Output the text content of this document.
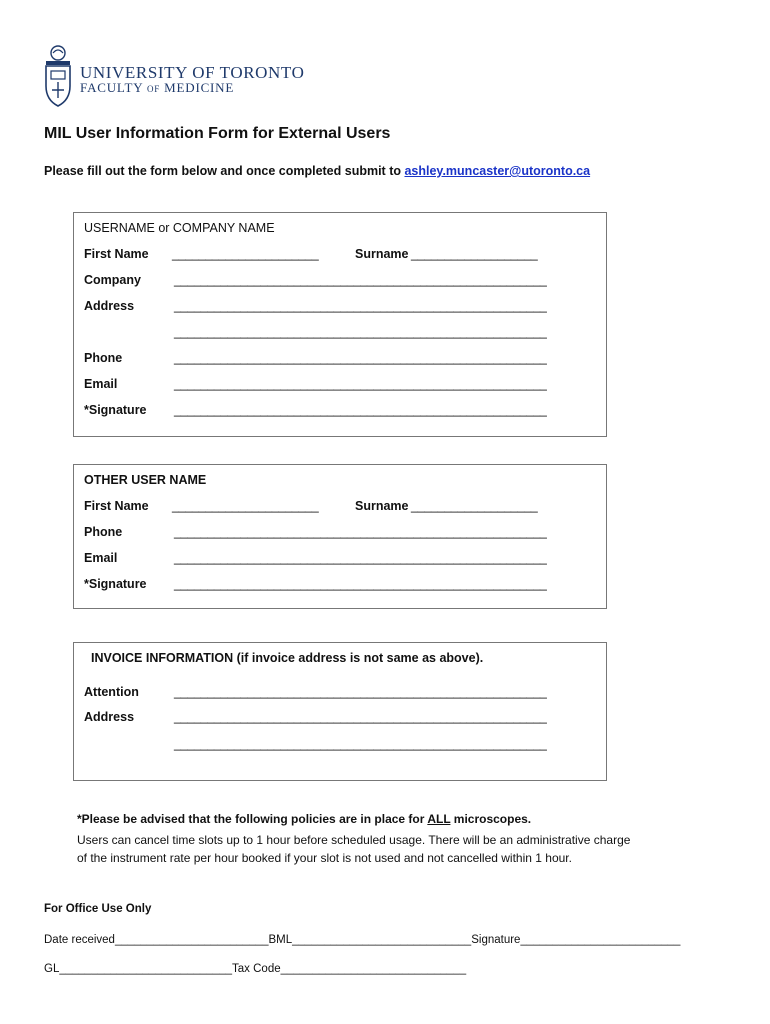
UNIVERSITY OF TORONTO
FACULTY OF MEDICINE
MIL User Information Form for External Users
Please fill out the form below and once completed submit to ashley.muncaster@utoronto.ca
USERNAME or COMPANY NAME
First Name ______________________	Surname ___________________
Company	________________________________________________________
Address	________________________________________________________
________________________________________________________
Phone	________________________________________________________
Email	________________________________________________________
*Signature ________________________________________________________
OTHER USER NAME
First Name ______________________	Surname ___________________
Phone	________________________________________________________
Email	________________________________________________________
*Signature ________________________________________________________
INVOICE INFORMATION (if invoice address is not same as above).
Attention	________________________________________________________
Address	________________________________________________________
________________________________________________________
*Please be advised that the following policies are in place for ALL microscopes.
Users can cancel time slots up to 1 hour before scheduled usage. There will be an administrative charge
of the instrument rate per hour booked if your slot is not used and not cancelled within 1 hour.
For Office Use Only
Date received________________________BML____________________________Signature_________________________
GL___________________________Tax Code_____________________________
